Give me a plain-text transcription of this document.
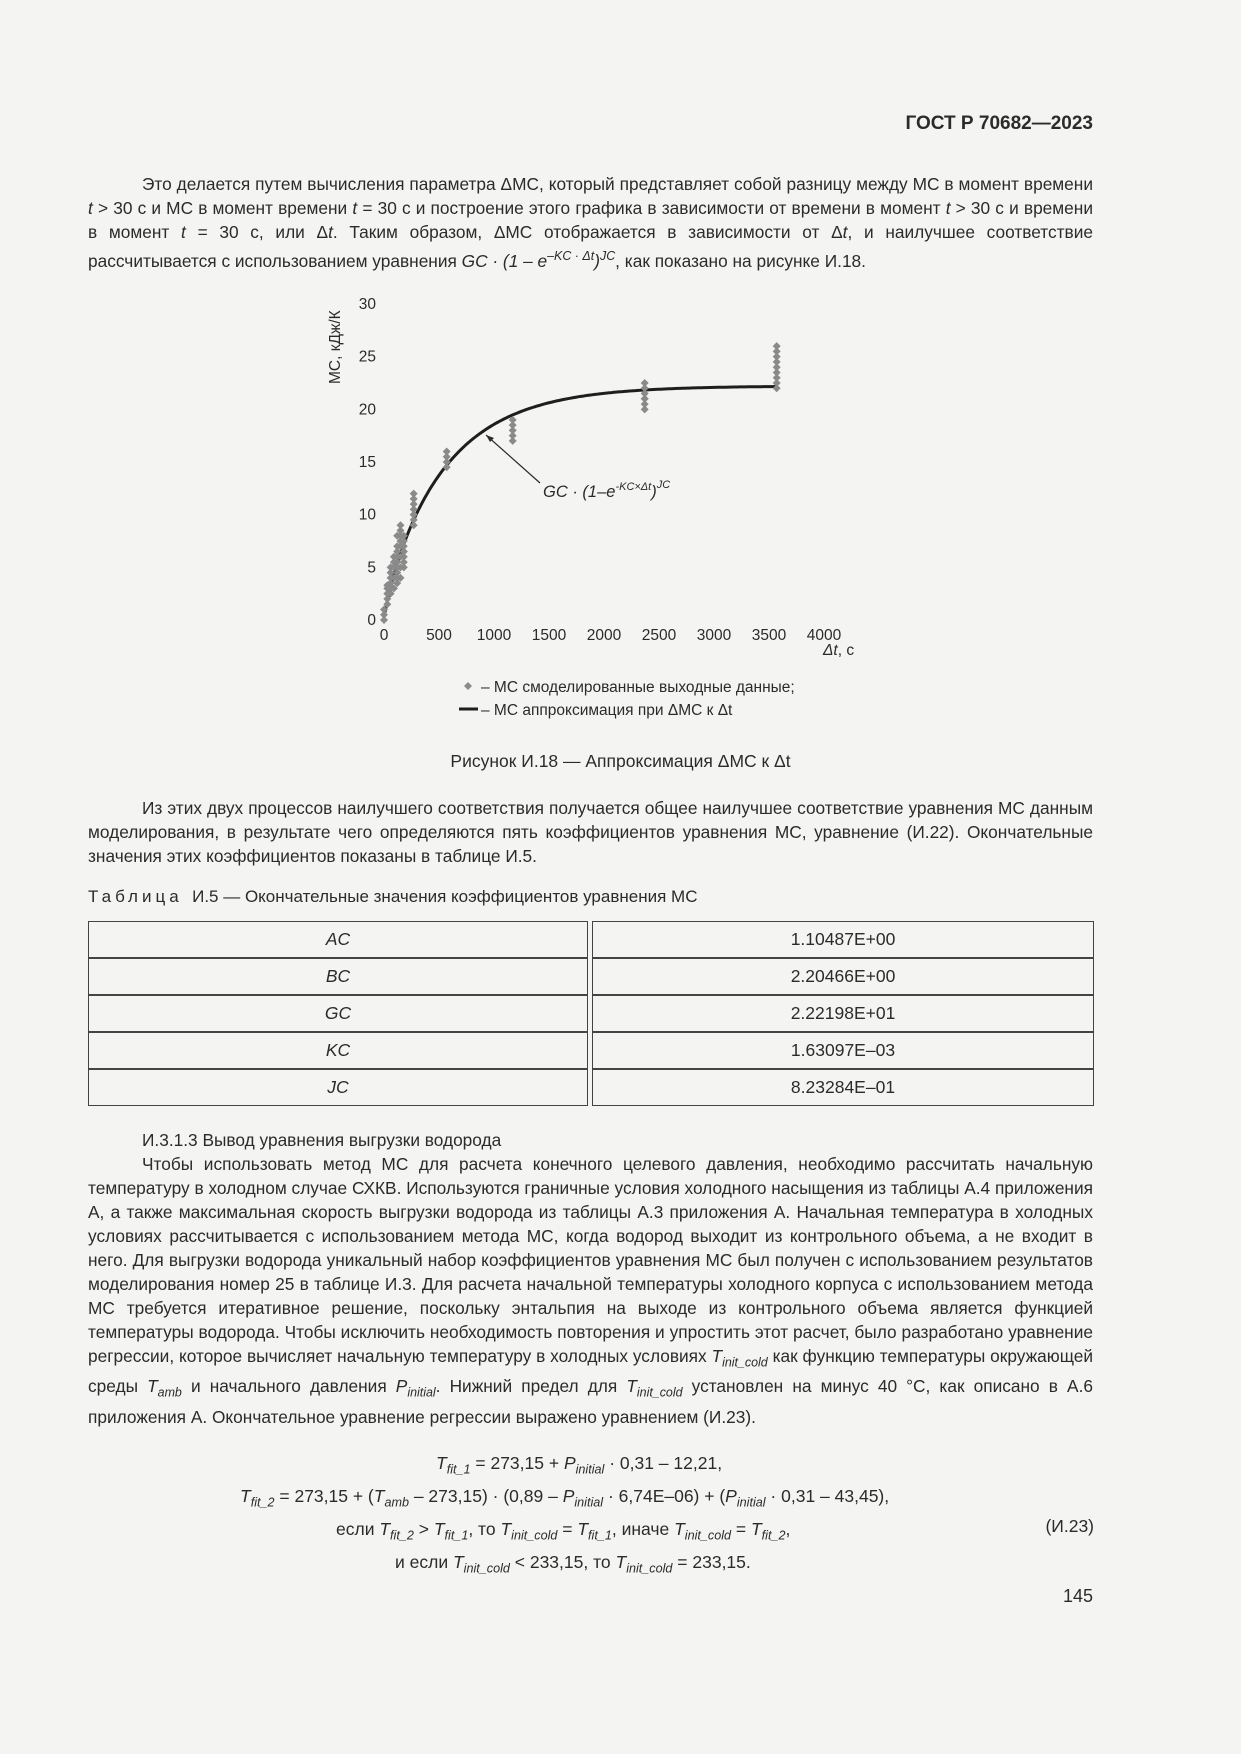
ГОСТ Р 70682—2023

Это делается путем вычисления параметра ΔМС, который представляет собой разницу между МС в момент времени t > 30 с и МС в момент времени t = 30 с и построение этого графика в зависимости от времени в момент t > 30 с и времени в момент t = 30 с, или Δt. Таким образом, ΔМС отображается в зависимости от Δt, и наилучшее соответствие рассчитывается с использованием уравнения GC · $(1 - e^{-KC \cdot \Delta t})^{JC}$, как показано на рисунке И.18.

МС, кДж/К
Δt, с
0 500 1000 1500 2000 2500 3000 3500 4000
0
5
10
15
20
25
30
GC · $(1-e^{-KC\times\Delta t})^{JC}$
– МС смоделированные выходные данные;
– МС аппроксимация при ΔМС к Δt
Рисунок И.18 — Аппроксимация ΔМС к Δt

Из этих двух процессов наилучшего соответствия получается общее наилучшее соответствие уравнения МС данным моделирования, в результате чего определяются пять коэффициентов уравнения МС, уравнение (И.22). Окончательные значения этих коэффициентов показаны в таблице И.5.

Таблица И.5 — Окончательные значения коэффициентов уравнения МС
AC		1.10487E+00
BC		2.20466E+00
GC		2.22198E+01
KC		1.63097E–03
JC		8.23284E–01

И.3.1.3 Вывод уравнения выгрузки водорода

Чтобы использовать метод МС для расчета конечного целевого давления, необходимо рассчитать начальную температуру в холодном случае СХКВ. Используются граничные условия холодного насыщения из таблицы А.4 приложения А, а также максимальная скорость выгрузки водорода из таблицы А.3 приложения А. Начальная температура в холодных условиях рассчитывается с использованием метода МС, когда водород выходит из контрольного объема, а не входит в него. Для выгрузки водорода уникальный набор коэффициентов уравнения МС был получен с использованием результатов моделирования номер 25 в таблице И.3. Для расчета начальной температуры холодного корпуса с использованием метода МС требуется итеративное решение, поскольку энтальпия на выходе из контрольного объема является функцией температуры водорода. Чтобы исключить необходимость повторения и упростить этот расчет, было разработано уравнение регрессии, которое вычисляет начальную температуру в холодных условиях $T_{init\_cold}$ как функцию температуры окружающей среды $T_{amb}$ и начального давления $P_{initial}$. Нижний предел для $T_{init\_cold}$ установлен на минус 40 °С, как описано в А.6 приложения А. Окончательное уравнение регрессии выражено уравнением (И.23).

$T_{fit\_1} = 273,15 + P_{initial} \cdot 0,31 - 12,21$,
$T_{fit\_2} = 273,15 + (T_{amb} - 273,15) \cdot (0,89 - P_{initial} \cdot 6,74E-06) + (P_{initial} \cdot 0,31 - 43,45)$,
если $T_{fit\_2} > T_{fit\_1}$, то $T_{init\_cold} = T_{fit\_1}$, иначе $T_{init\_cold} = T_{fit\_2}$,
и если $T_{init\_cold} < 233,15$, то $T_{init\_cold} = 233,15$.
(И.23)
145
